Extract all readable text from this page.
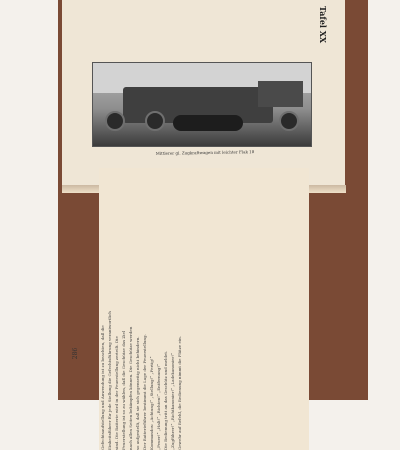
Tafel XX
Mittlerer gl. Zugkraftwagen mit leichter Flak 18
Gefechtsaufstellung und Anwendung ist zu beachten, daß die Einheitsführer für jede Stellung die Gefechtsführung verantwortlich sind. Die Batterie wird in der Feuerstellung zerteilt. Die Feuerstellung ist so zu wählen, daß die Geschütze das Ziel nach allen Seiten bekämpfen können. Die Geschütze werden so aufgestellt, daß sie sich gegenseitig nicht behindern. Der Batterieführer bestimmt die Lage der Feuerstellung. Kommandos: „Achtung!“ „Stellung!“ „Fertig!“ „Feuer!“ „Halt!“ „Richten!“ „Entfernung!“ Die Bedienung tritt an das Geschütz und meldet. „Zugführer!“ „Richtkanonier!“ „Ladekanonier!“ Gewehr auf Befehl, die Bedienung nimmt die Plätze ein.
286
